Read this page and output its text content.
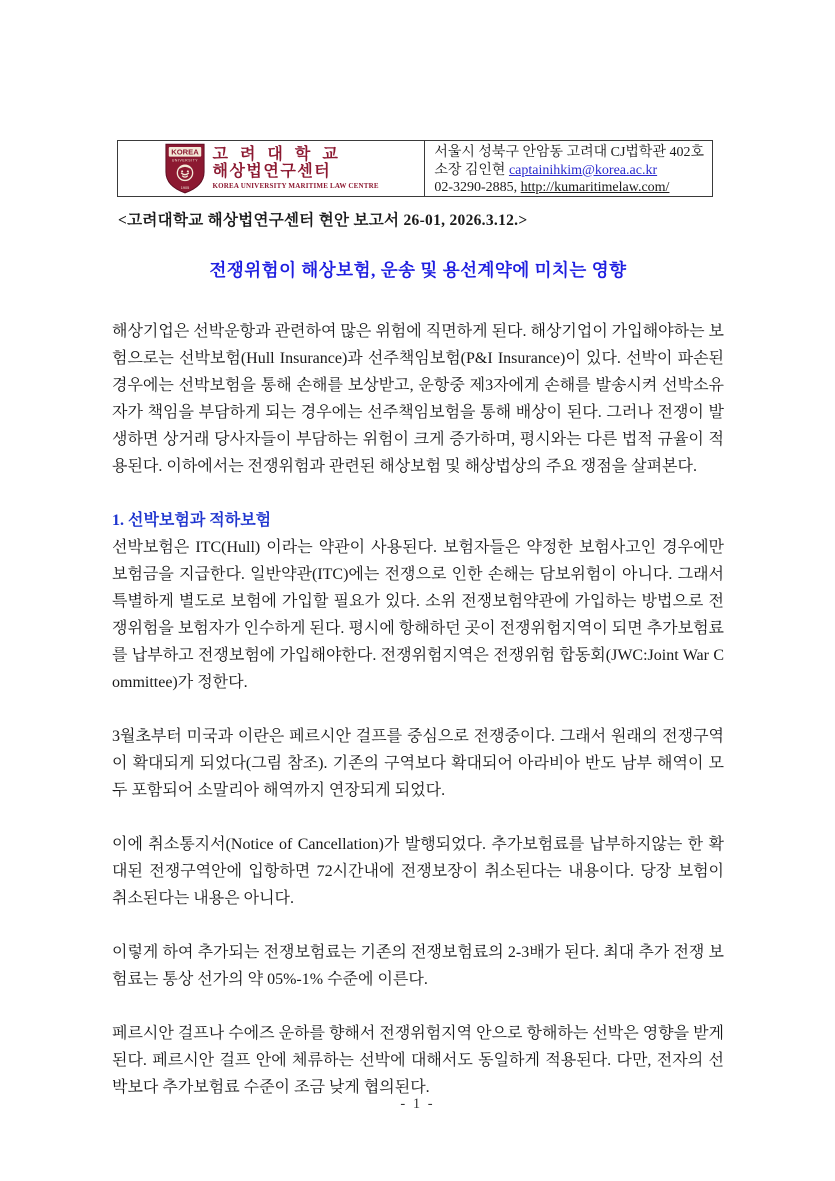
KOREA
UNIVERSITY
1905
고 려 대 학 교
해상법연구센터
KOREA UNIVERSITY MARITIME LAW CENTRE
서울시 성북구 안암동 고려대 CJ법학관 402호
소장 김인현 captainihkim@korea.ac.kr
02-3290-2885, http://kumaritimelaw.com/
<고려대학교 해상법연구센터 현안 보고서 26-01, 2026.3.12.>
전쟁위험이 해상보험, 운송 및 용선계약에 미치는 영향

해상기업은 선박운항과 관련하여 많은 위험에 직면하게 된다. 해상기업이 가입해야하는 보험으로는 선박보험(Hull Insurance)과 선주책임보험(P&I Insurance)이 있다. 선박이 파손된 경우에는 선박보험을 통해 손해를 보상받고, 운항중 제3자에게 손해를 발송시켜 선박소유자가 책임을 부담하게 되는 경우에는 선주책임보험을 통해 배상이 된다. 그러나 전쟁이 발생하면 상거래 당사자들이 부담하는 위험이 크게 증가하며, 평시와는 다른 법적 규율이 적용된다. 이하에서는 전쟁위험과 관련된 해상보험 및 해상법상의 주요 쟁점을 살펴본다.

1. 선박보험과 적하보험

선박보험은 ITC(Hull) 이라는 약관이 사용된다. 보험자들은 약정한 보험사고인 경우에만 보험금을 지급한다. 일반약관(ITC)에는 전쟁으로 인한 손해는 담보위험이 아니다. 그래서 특별하게 별도로 보험에 가입할 필요가 있다. 소위 전쟁보험약관에 가입하는 방법으로 전쟁위험을 보험자가 인수하게 된다. 평시에 항해하던 곳이 전쟁위험지역이 되면 추가보험료를 납부하고 전쟁보험에 가입해야한다. 전쟁위험지역은 전쟁위험 합동회(JWC:Joint War Committee)가 정한다.

3월초부터 미국과 이란은 페르시안 걸프를 중심으로 전쟁중이다. 그래서 원래의 전쟁구역이 확대되게 되었다(그림 참조). 기존의 구역보다 확대되어 아라비아 반도 남부 해역이 모두 포함되어 소말리아 해역까지 연장되게 되었다.

이에 취소통지서(Notice of Cancellation)가 발행되었다. 추가보험료를 납부하지않는 한 확대된 전쟁구역안에 입항하면 72시간내에 전쟁보장이 취소된다는 내용이다. 당장 보험이 취소된다는 내용은 아니다.

이렇게 하여 추가되는 전쟁보험료는 기존의 전쟁보험료의 2-3배가 된다. 최대 추가 전쟁 보험료는 통상 선가의 약 05%-1% 수준에 이른다.

페르시안 걸프나 수에즈 운하를 향해서 전쟁위험지역 안으로 항해하는 선박은 영향을 받게 된다. 페르시안 걸프 안에 체류하는 선박에 대해서도 동일하게 적용된다. 다만, 전자의 선박보다 추가보험료 수준이 조금 낮게 협의된다.

- 1 -
